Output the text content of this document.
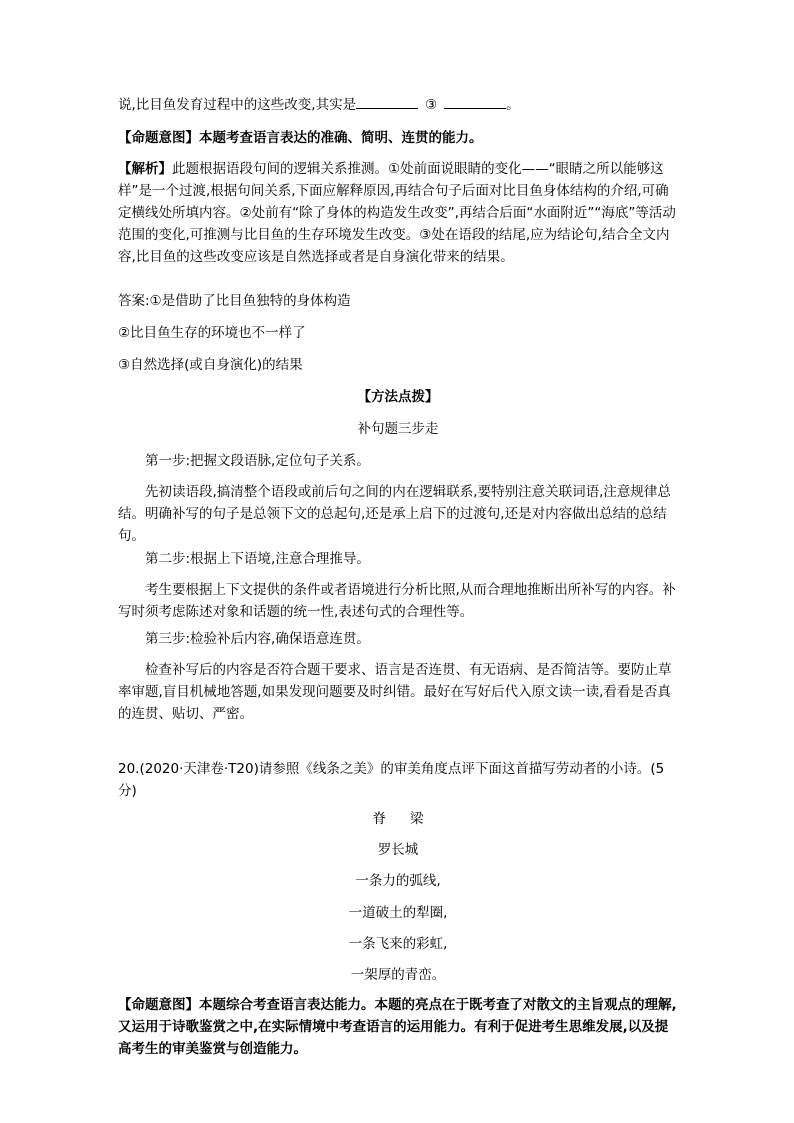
说,比目鱼发育过程中的这些改变,其实是	③	。

【命题意图】本题考查语言表达的准确、简明、连贯的能力。

【解析】此题根据语段句间的逻辑关系推测。①处前面说眼睛的变化——“眼睛之所以能够这样”是一个过渡,根据句间关系,下面应解释原因,再结合句子后面对比目鱼身体结构的介绍,可确定横线处所填内容。②处前有“除了身体的构造发生改变”,再结合后面“水面附近”“海底”等活动范围的变化,可推测与比目鱼的生存环境发生改变。③处在语段的结尾,应为结论句,结合全文内容,比目鱼的这些改变应该是自然选择或者是自身演化带来的结果。

答案:①是借助了比目鱼独特的身体构造

②比目鱼生存的环境也不一样了

③自然选择(或自身演化)的结果

【方法点拨】

补句题三步走

第一步:把握文段语脉,定位句子关系。

先初读语段,搞清整个语段或前后句之间的内在逻辑联系,要特别注意关联词语,注意规律总结。明确补写的句子是总领下文的总起句,还是承上启下的过渡句,还是对内容做出总结的总结句。

第二步:根据上下语境,注意合理推导。

考生要根据上下文提供的条件或者语境进行分析比照,从而合理地推断出所补写的内容。补写时须考虑陈述对象和话题的统一性,表述句式的合理性等。

第三步:检验补后内容,确保语意连贯。

检查补写后的内容是否符合题干要求、语言是否连贯、有无语病、是否简洁等。要防止草率审题,盲目机械地答题,如果发现问题要及时纠错。最好在写好后代入原文读一读,看看是否真的连贯、贴切、严密。

20.(2020·天津卷·T20)请参照《线条之美》的审美角度点评下面这首描写劳动者的小诗。(5分)

脊 梁

罗长城

一条力的弧线,

一道破土的犁圈,

一条飞来的彩虹,

一架厚的青峦。

【命题意图】本题综合考查语言表达能力。本题的亮点在于既考查了对散文的主旨观点的理解,又运用于诗歌鉴赏之中,在实际情境中考查语言的运用能力。有利于促进考生思维发展,以及提高考生的审美鉴赏与创造能力。
